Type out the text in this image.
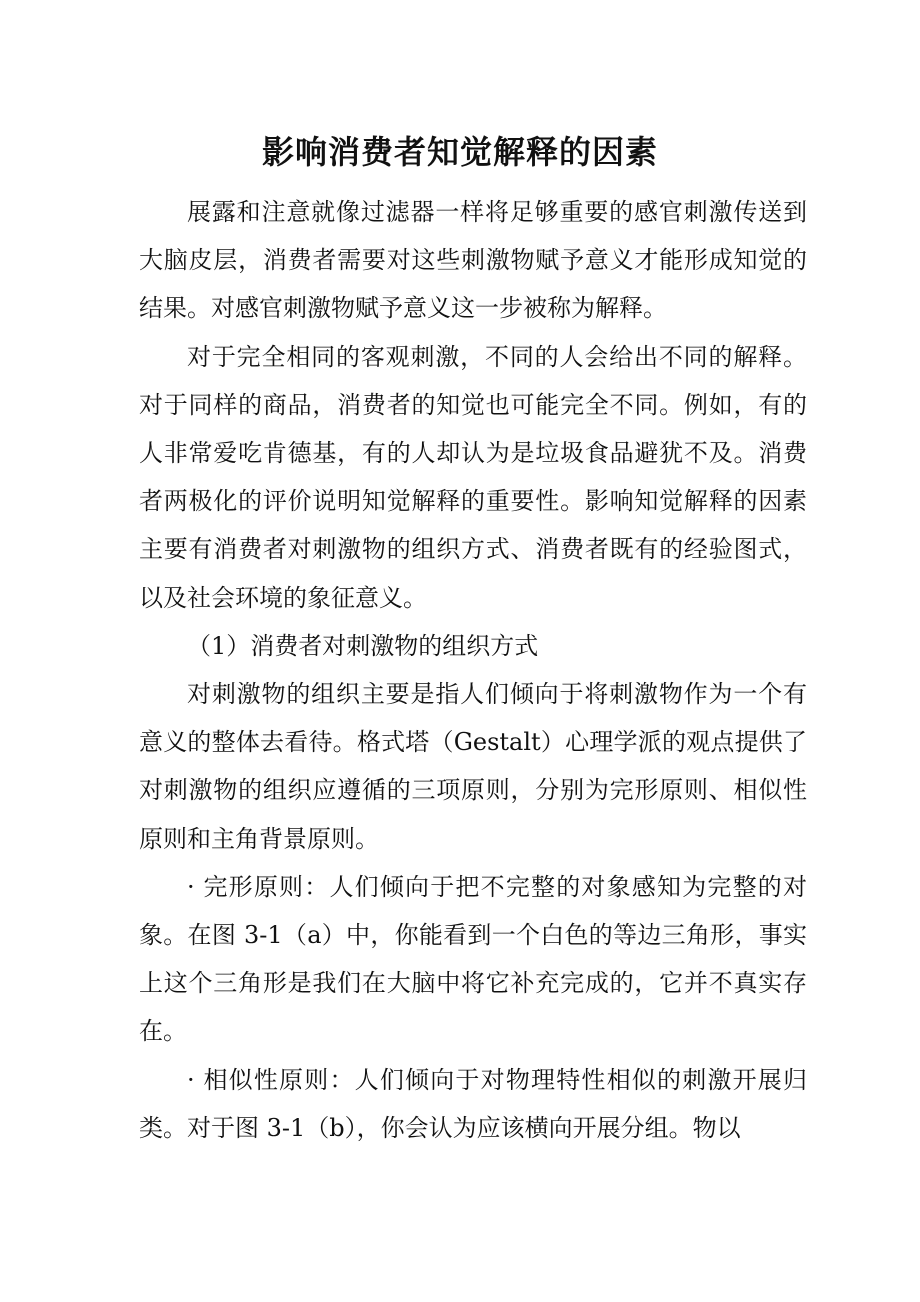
影响消费者知觉解释的因素

展露和注意就像过滤器一样将足够重要的感官刺激传送到大脑皮层，消费者需要对这些刺激物赋予意义才能形成知觉的结果。对感官刺激物赋予意义这一步被称为解释。

对于完全相同的客观刺激，不同的人会给出不同的解释。对于同样的商品，消费者的知觉也可能完全不同。例如，有的人非常爱吃肯德基，有的人却认为是垃圾食品避犹不及。消费者两极化的评价说明知觉解释的重要性。影响知觉解释的因素主要有消费者对刺激物的组织方式、消费者既有的经验图式，以及社会环境的象征意义。

（1）消费者对刺激物的组织方式

对刺激物的组织主要是指人们倾向于将刺激物作为一个有意义的整体去看待。格式塔（Gestalt）心理学派的观点提供了对刺激物的组织应遵循的三项原则，分别为完形原则、相似性原则和主角背景原则。

· 完形原则：人们倾向于把不完整的对象感知为完整的对象。在图 3-1（a）中，你能看到一个白色的等边三角形，事实上这个三角形是我们在大脑中将它补充完成的，它并不真实存在。

· 相似性原则：人们倾向于对物理特性相似的刺激开展归类。对于图 3-1（b），你会认为应该横向开展分组。物以
